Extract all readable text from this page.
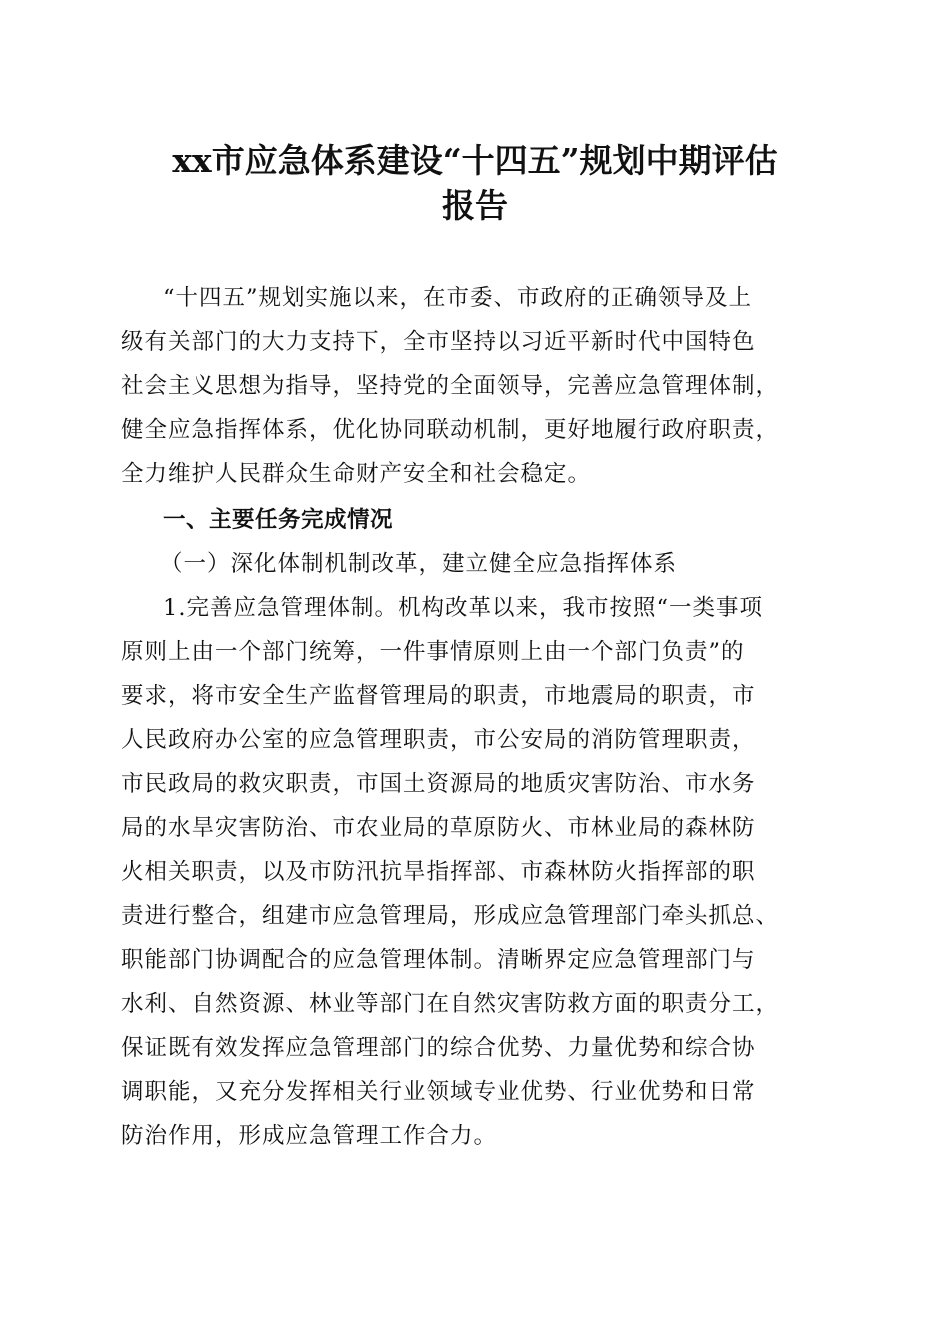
xx市应急体系建设“十四五”规划中期评估
报告
“十四五”规划实施以来，在市委、市政府的正确领导及上
级有关部门的大力支持下，全市坚持以习近平新时代中国特色
社会主义思想为指导，坚持党的全面领导，完善应急管理体制，
健全应急指挥体系，优化协同联动机制，更好地履行政府职责，
全力维护人民群众生命财产安全和社会稳定。
一、主要任务完成情况
（一）深化体制机制改革，建立健全应急指挥体系
1.完善应急管理体制。机构改革以来，我市按照“一类事项
原则上由一个部门统筹，一件事情原则上由一个部门负责”的
要求，将市安全生产监督管理局的职责，市地震局的职责，市
人民政府办公室的应急管理职责，市公安局的消防管理职责，
市民政局的救灾职责，市国土资源局的地质灾害防治、市水务
局的水旱灾害防治、市农业局的草原防火、市林业局的森林防
火相关职责，以及市防汛抗旱指挥部、市森林防火指挥部的职
责进行整合，组建市应急管理局，形成应急管理部门牵头抓总、
职能部门协调配合的应急管理体制。清晰界定应急管理部门与
水利、自然资源、林业等部门在自然灾害防救方面的职责分工，
保证既有效发挥应急管理部门的综合优势、力量优势和综合协
调职能，又充分发挥相关行业领域专业优势、行业优势和日常
防治作用，形成应急管理工作合力。
